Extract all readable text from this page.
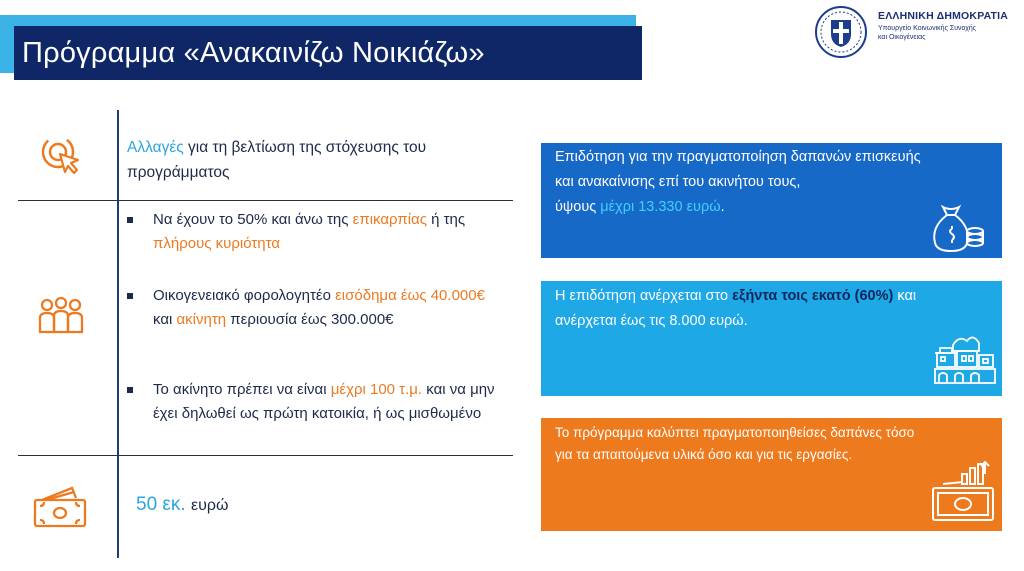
Πρόγραμμα «Ανακαινίζω Νοικιάζω»
ΕΛΛΗΝΙΚΗ ΔΗΜΟΚΡΑΤΙΑ
Υπουργείο Κοινωνικής Συνοχής
και Οικογένειας
Αλλαγές για τη βελτίωση της στόχευσης του προγράμματος
Να έχουν το 50% και άνω της επικαρπίας ή της πλήρους κυριότητα
Οικογενειακό φορολογητέο εισόδημα έως 40.000€ και ακίνητη περιουσία έως 300.000€
Το ακίνητο πρέπει να είναι μέχρι 100 τ.μ. και να μην έχει δηλωθεί ως πρώτη κατοικία, ή ως μισθωμένο
50 εκ. ευρώ
Επιδότηση για την πραγματοποίηση δαπανών επισκευής και ανακαίνισης επί του ακινήτου τους,
ύψους μέχρι 13.330 ευρώ.
Η επιδότηση ανέρχεται στο εξήντα τοις εκατό (60%) και ανέρχεται έως τις 8.000 ευρώ.
Το πρόγραμμα καλύπτει πραγματοποιηθείσες δαπάνες τόσο για τα απαιτούμενα υλικά όσο και για τις εργασίες.
